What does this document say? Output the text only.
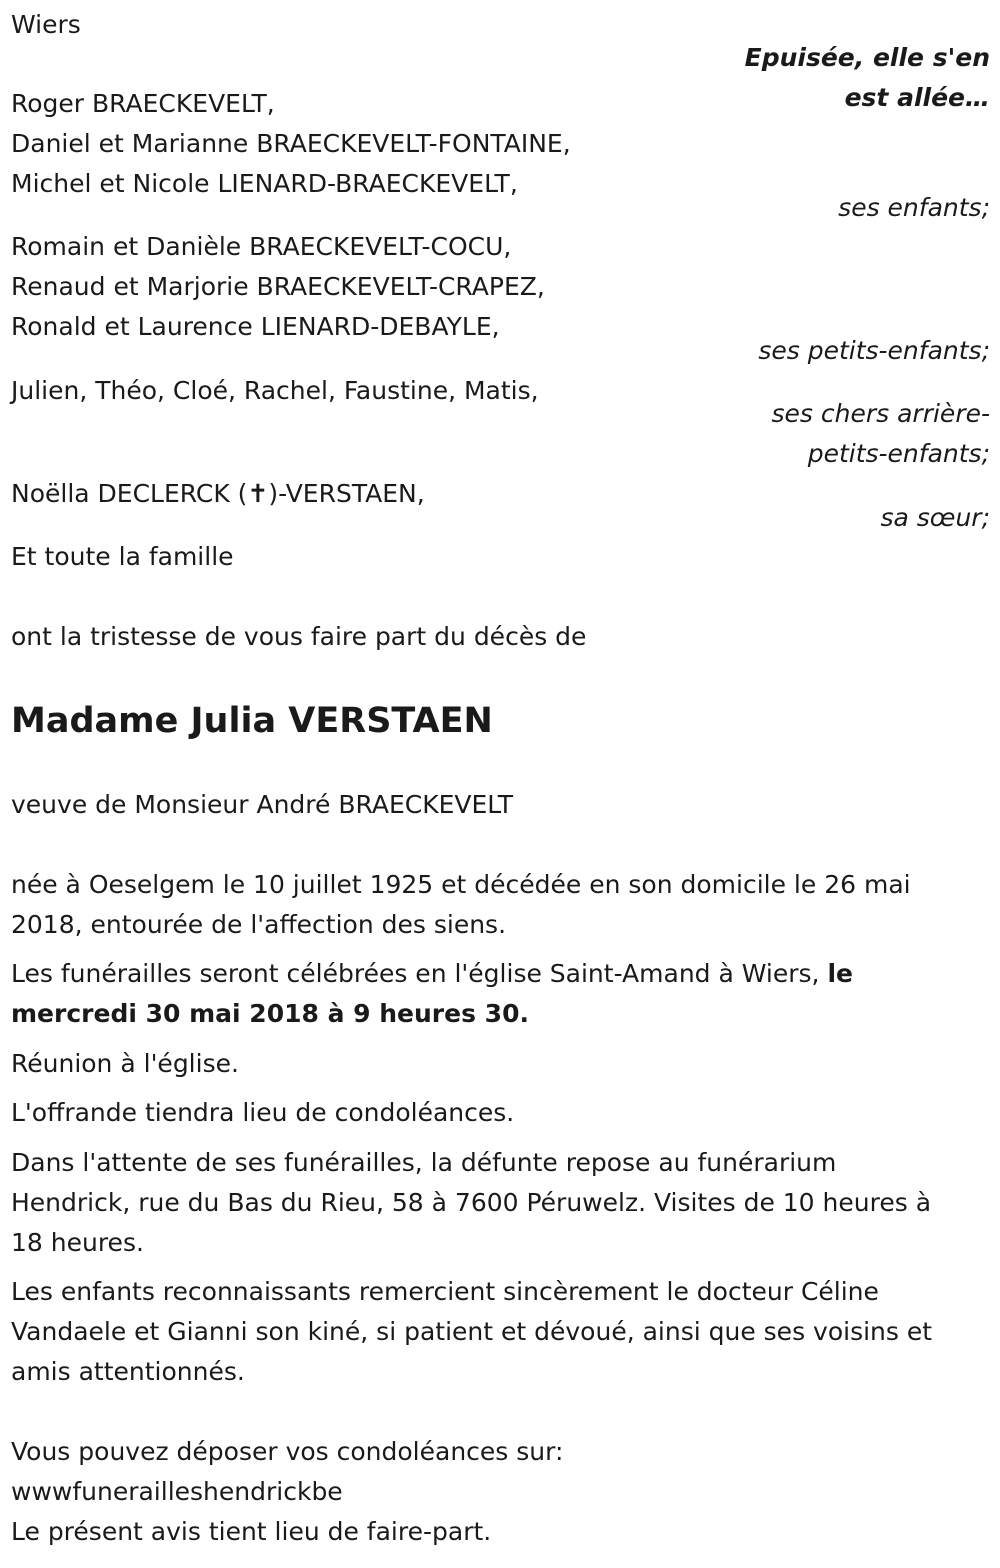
Wiers
Epuisée, elle s'en
est allée…
Roger BRAECKEVELT,
Daniel et Marianne BRAECKEVELT-FONTAINE,
Michel et Nicole LIENARD-BRAECKEVELT,
ses enfants;
Romain et Danièle BRAECKEVELT-COCU,
Renaud et Marjorie BRAECKEVELT-CRAPEZ,
Ronald et Laurence LIENARD-DEBAYLE,
ses petits-enfants;
Julien, Théo, Cloé, Rachel, Faustine, Matis,
ses chers arrière-
petits-enfants;
Noëlla DECLERCK (✝)-VERSTAEN,
sa sœur;
Et toute la famille
ont la tristesse de vous faire part du décès de
Madame Julia VERSTAEN
veuve de Monsieur André BRAECKEVELT
née à Oeselgem le 10 juillet 1925 et décédée en son domicile le 26 mai
2018, entourée de l'affection des siens.
Les funérailles seront célébrées en l'église Saint-Amand à Wiers, le
mercredi 30 mai 2018 à 9 heures 30.
Réunion à l'église.
L'offrande tiendra lieu de condoléances.
Dans l'attente de ses funérailles, la défunte repose au funérarium
Hendrick, rue du Bas du Rieu, 58 à 7600 Péruwelz. Visites de 10 heures à
18 heures.
Les enfants reconnaissants remercient sincèrement le docteur Céline
Vandaele et Gianni son kiné, si patient et dévoué, ainsi que ses voisins et
amis attentionnés.
Vous pouvez déposer vos condoléances sur:
wwwfunerailleshendrickbe
Le présent avis tient lieu de faire-part.
